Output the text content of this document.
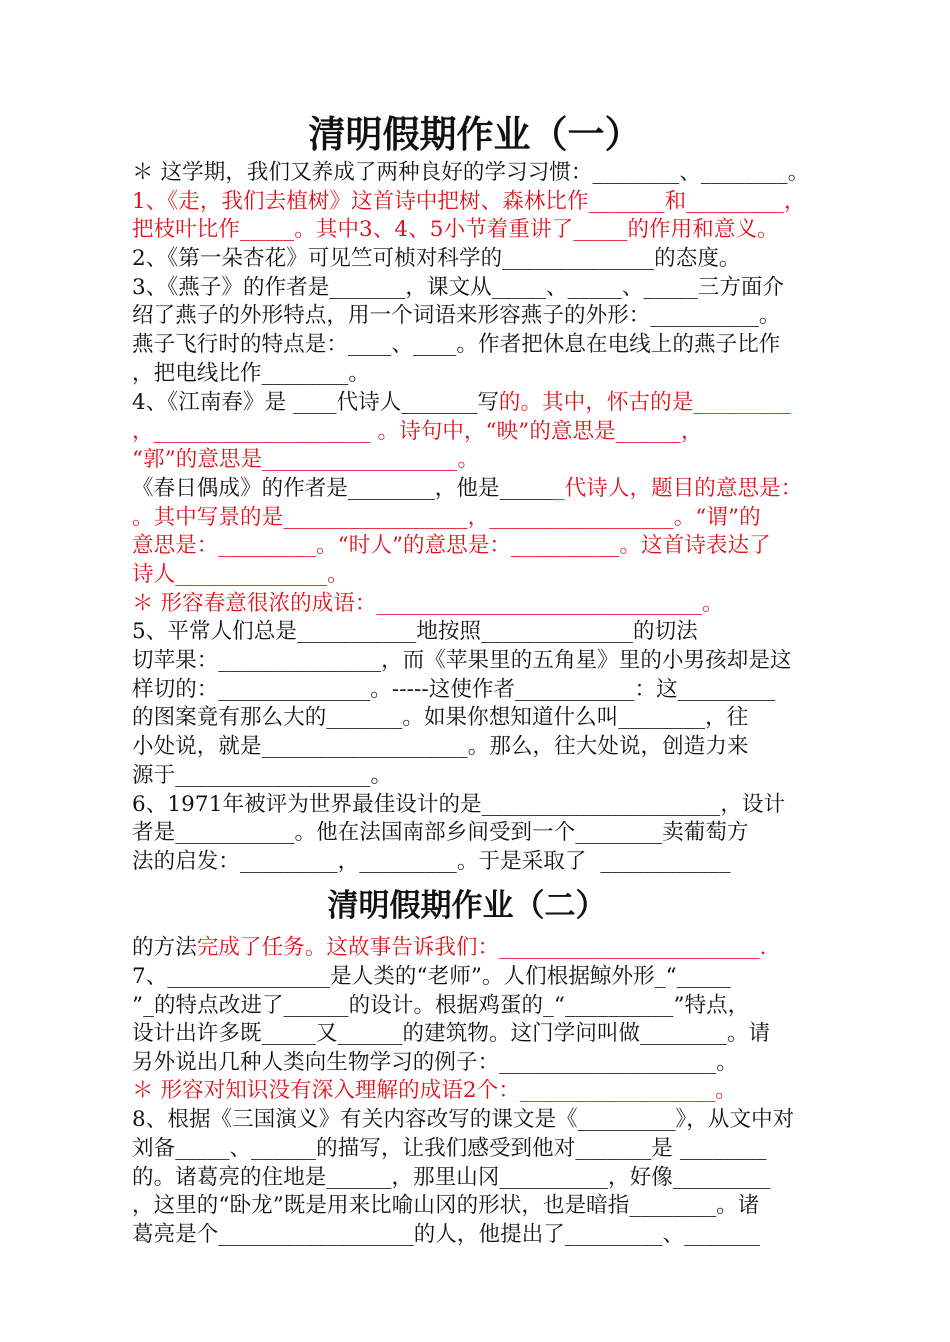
清明假期作业（一）
清明假期作业（二）
＊ 这学期，我们又养成了两种良好的学习习惯：________、________。
1、《走，我们去植树》这首诗中把树、森林比作_______和_________，
把枝叶比作_____。其中3、4、5小节着重讲了_____的作用和意义。
2、《第一朵杏花》可见竺可桢对科学的______________的态度。
3、《燕子》的作者是_______，课文从_____、_____、_____三方面介
绍了燕子的外形特点，用一个词语来形容燕子的外形：__________。
燕子飞行时的特点是：____、____。作者把休息在电线上的燕子比作
，把电线比作________。
4、《江南春》是 ____代诗人_______写的。其中，怀古的是_________
，____________________ 。诗句中，“映”的意思是______，
“郭”的意思是__________________。
《春日偶成》的作者是________，他是______代诗人，题目的意思是：
。其中写景的是_________________，_________________。“谓”的
意思是：_________。“时人”的意思是：__________。这首诗表达了
诗人______________。
＊ 形容春意很浓的成语：______________________________。
5、平常人们总是___________地按照______________的切法
切苹果：_______________，而《苹果里的五角星》里的小男孩却是这
样切的：______________。-----这使作者___________：这_________
的图案竟有那么大的_______。如果你想知道什么叫________，往
小处说，就是___________________。那么，往大处说，创造力来
源于__________________。
6、1971年被评为世界最佳设计的是______________________，设计
者是___________。他在法国南部乡间受到一个________卖葡萄方
法的启发：_________，_________。于是采取了  ____________
的方法完成了任务。这故事告诉我们：________________________.
7、_______________是人类的“老师”。人们根据鲸外形_“_____
”_的特点改进了______的设计。根据鸡蛋的_“__________”特点，
设计出许多既_____又______的建筑物。这门学问叫做________。请
另外说出几种人类向生物学习的例子：____________________。
＊ 形容对知识没有深入理解的成语2个：__________________。
8、根据《三国演义》有关内容改写的课文是《_________》，从文中对
刘备_____、______的描写，让我们感受到他对_______是 ________
的。诸葛亮的住地是______，那里山冈__________，好像_________
，这里的“卧龙”既是用来比喻山冈的形状，也是暗指________。诸
葛亮是个__________________的人，他提出了_________、_______
